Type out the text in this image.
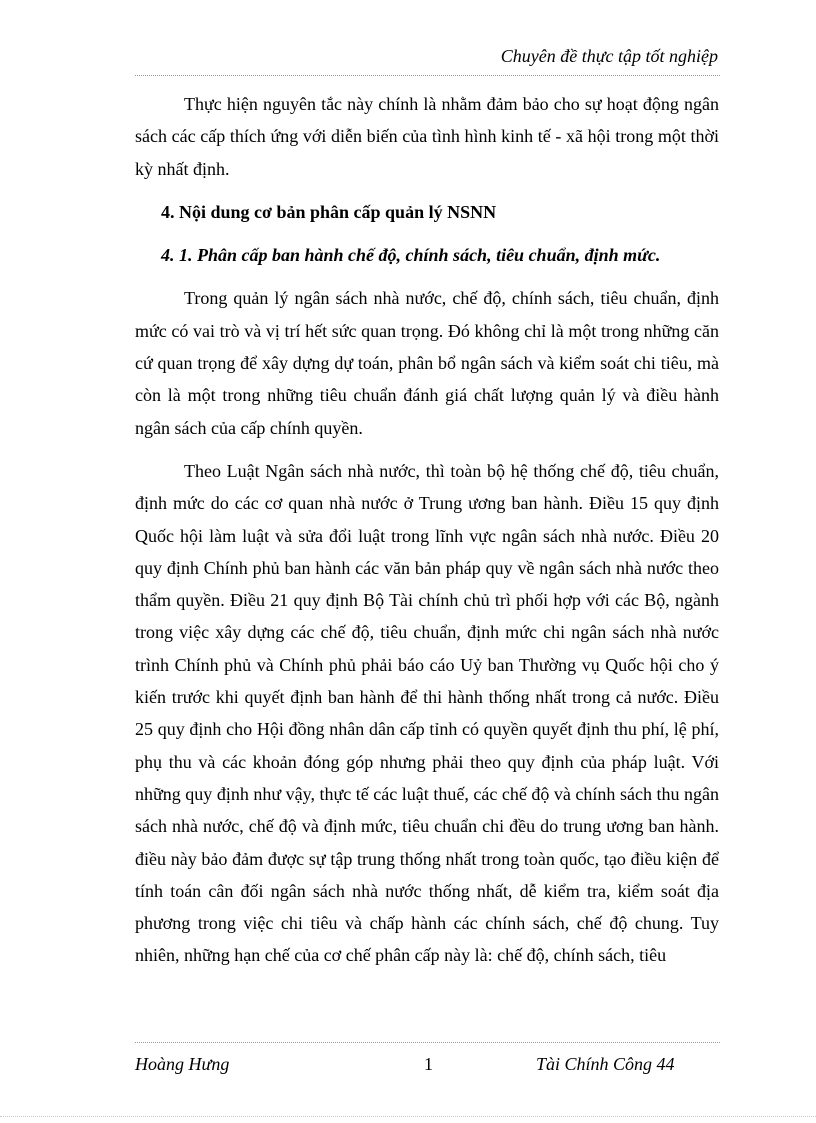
Chuyên đề thực tập tốt nghiệp

Thực hiện nguyên tắc này chính là nhằm đảm bảo cho sự hoạt động ngân sách các cấp thích ứng với diễn biến của tình hình kinh tế - xã hội trong một thời kỳ nhất định.

4. Nội dung cơ bản phân cấp quản lý NSNN

4. 1. Phân cấp ban hành chế độ, chính sách, tiêu chuẩn, định mức.

Trong quản lý ngân sách nhà nước, chế độ, chính sách, tiêu chuẩn, định mức có vai trò và vị trí hết sức quan trọng. Đó không chỉ là một trong những căn cứ quan trọng để xây dựng dự toán, phân bổ ngân sách và kiểm soát chi tiêu, mà còn là một trong những tiêu chuẩn đánh giá chất lượng quản lý và điều hành ngân sách của cấp chính quyền.

Theo Luật Ngân sách nhà nước, thì toàn bộ hệ thống chế độ, tiêu chuẩn, định mức do các cơ quan nhà nước ở Trung ương ban hành. Điều 15 quy định Quốc hội làm luật và sửa đổi luật trong lĩnh vực ngân sách nhà nước. Điều 20 quy định Chính phủ ban hành các văn bản pháp quy về ngân sách nhà nước theo thẩm quyền. Điều 21 quy định Bộ Tài chính chủ trì phối hợp với các Bộ, ngành trong việc xây dựng các chế độ, tiêu chuẩn, định mức chi ngân sách nhà nước trình Chính phủ và Chính phủ phải báo cáo Uỷ ban Thường vụ Quốc hội cho ý kiến trước khi quyết định ban hành để thi hành thống nhất trong cả nước. Điều 25 quy định cho Hội đồng nhân dân cấp tỉnh có quyền quyết định thu phí, lệ phí, phụ thu và các khoản đóng góp nhưng phải theo quy định của pháp luật. Với những quy định như vậy, thực tế các luật thuế, các chế độ và chính sách thu ngân sách nhà nước, chế độ và định mức, tiêu chuẩn chi đều do trung ương ban hành. điều này bảo đảm được sự tập trung thống nhất trong toàn quốc, tạo điều kiện để tính toán cân đối ngân sách nhà nước thống nhất, dễ kiểm tra, kiểm soát địa phương trong việc chi tiêu và chấp hành các chính sách, chế độ chung. Tuy nhiên, những hạn chế của cơ chế phân cấp này là: chế độ, chính sách, tiêu

Hoàng Hưng	1	Tài Chính Công 44
